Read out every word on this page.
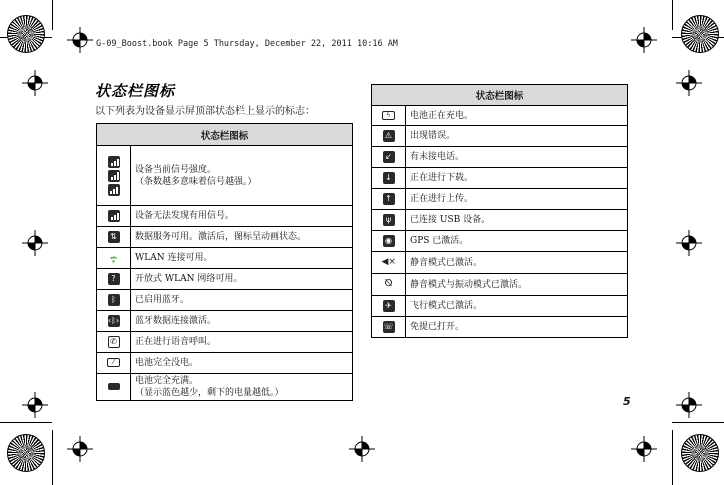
G-09_Boost.book Page 5 Thursday, December 22, 2011 10:16 AM
状态栏图标
以下列表为设备显示屏顶部状态栏上显示的标志：
状态栏图标	

	设备当前信号强度。
（条数越多意味着信号越强。）

	设备无法发现有用信号。

⇅	数据服务可用。激活后，图标呈动画状态。
	WLAN 连接可用。

?	开放式 WLAN 网络可用。

ᛒ	已启用蓝牙。

‹ᛒ›	蓝牙数据连接激活。

✆	正在进行语音呼叫。

⁄	电池完全没电。

	电池完全充满。
（显示蓝色越少，剩下的电量越低。）
状态栏图标	

ϟ	电池正在充电。

⚠	出现错误。

↙	有未接电话。

↓	正在进行下载。

↑	正在进行上传。

ψ	已连接 USB 设备。

◉	GPS 已激活。

◀×	静音模式已激活。

⦰	静音模式与振动模式已激活。

✈	飞行模式已激活。

☏	免提已打开。
5
